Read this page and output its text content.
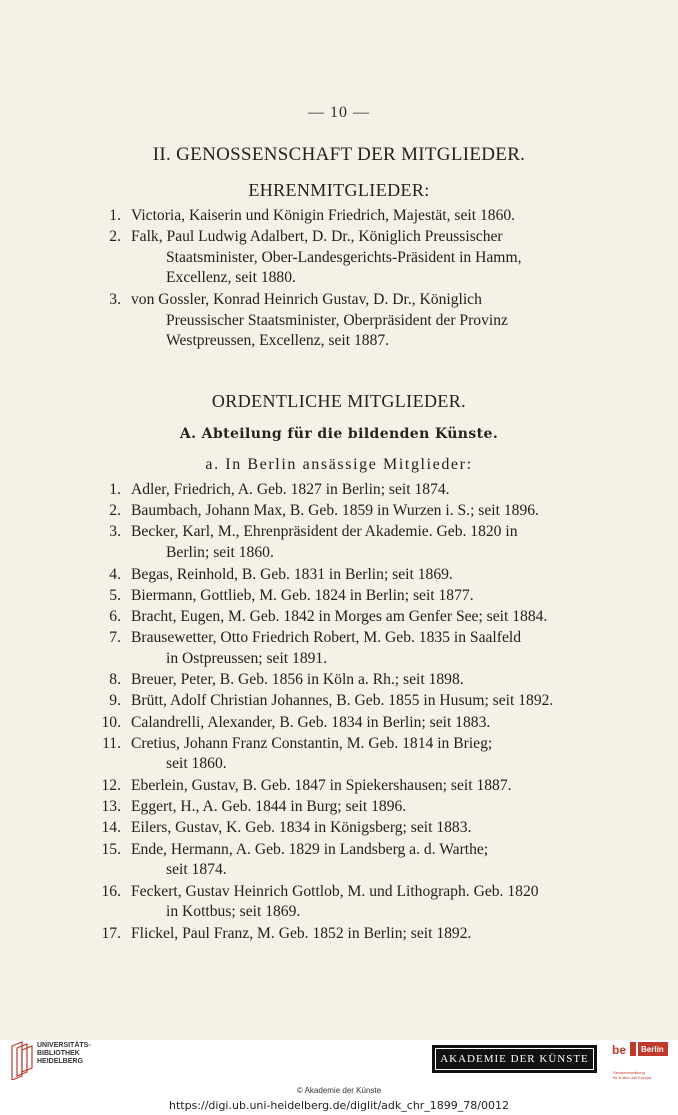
— 10 —
II. GENOSSENSCHAFT DER MITGLIEDER.
EHRENMITGLIEDER:
1. Victoria, Kaiserin und Königin Friedrich, Majestät, seit 1860.
2. Falk, Paul Ludwig Adalbert, D. Dr., Königlich Preussischer
Staatsminister, Ober-Landesgerichts-Präsident in Hamm,
Excellenz, seit 1880.
3. von Gossler, Konrad Heinrich Gustav, D. Dr., Königlich
Preussischer Staatsminister, Oberpräsident der Provinz
Westpreussen, Excellenz, seit 1887.
ORDENTLICHE MITGLIEDER.
A. Abteilung für die bildenden Künste.
a. In Berlin ansässige Mitglieder:
1. Adler, Friedrich, A. Geb. 1827 in Berlin; seit 1874.
2. Baumbach, Johann Max, B. Geb. 1859 in Wurzen i. S.; seit 1896.
3. Becker, Karl, M., Ehrenpräsident der Akademie. Geb. 1820 in
Berlin; seit 1860.
4. Begas, Reinhold, B. Geb. 1831 in Berlin; seit 1869.
5. Biermann, Gottlieb, M. Geb. 1824 in Berlin; seit 1877.
6. Bracht, Eugen, M. Geb. 1842 in Morges am Genfer See; seit 1884.
7. Brausewetter, Otto Friedrich Robert, M. Geb. 1835 in Saalfeld
in Ostpreussen; seit 1891.
8. Breuer, Peter, B. Geb. 1856 in Köln a. Rh.; seit 1898.
9. Brütt, Adolf Christian Johannes, B. Geb. 1855 in Husum; seit 1892.
10. Calandrelli, Alexander, B. Geb. 1834 in Berlin; seit 1883.
11. Cretius, Johann Franz Constantin, M. Geb. 1814 in Brieg;
seit 1860.
12. Eberlein, Gustav, B. Geb. 1847 in Spiekershausen; seit 1887.
13. Eggert, H., A. Geb. 1844 in Burg; seit 1896.
14. Eilers, Gustav, K. Geb. 1834 in Königsberg; seit 1883.
15. Ende, Hermann, A. Geb. 1829 in Landsberg a. d. Warthe;
seit 1874.
16. Feckert, Gustav Heinrich Gottlob, M. und Lithograph. Geb. 1820
in Kottbus; seit 1869.
17. Flickel, Paul Franz, M. Geb. 1852 in Berlin; seit 1892.
UNIVERSITÄTS-
BIBLIOTHEK
HEIDELBERG	AKADEMIE DER KÜNSTE
be Berlin
Senatsverwaltung
für Kultur und Europa
© Akademie der Künste
https://digi.ub.uni-heidelberg.de/diglit/adk_chr_1899_78/0012
